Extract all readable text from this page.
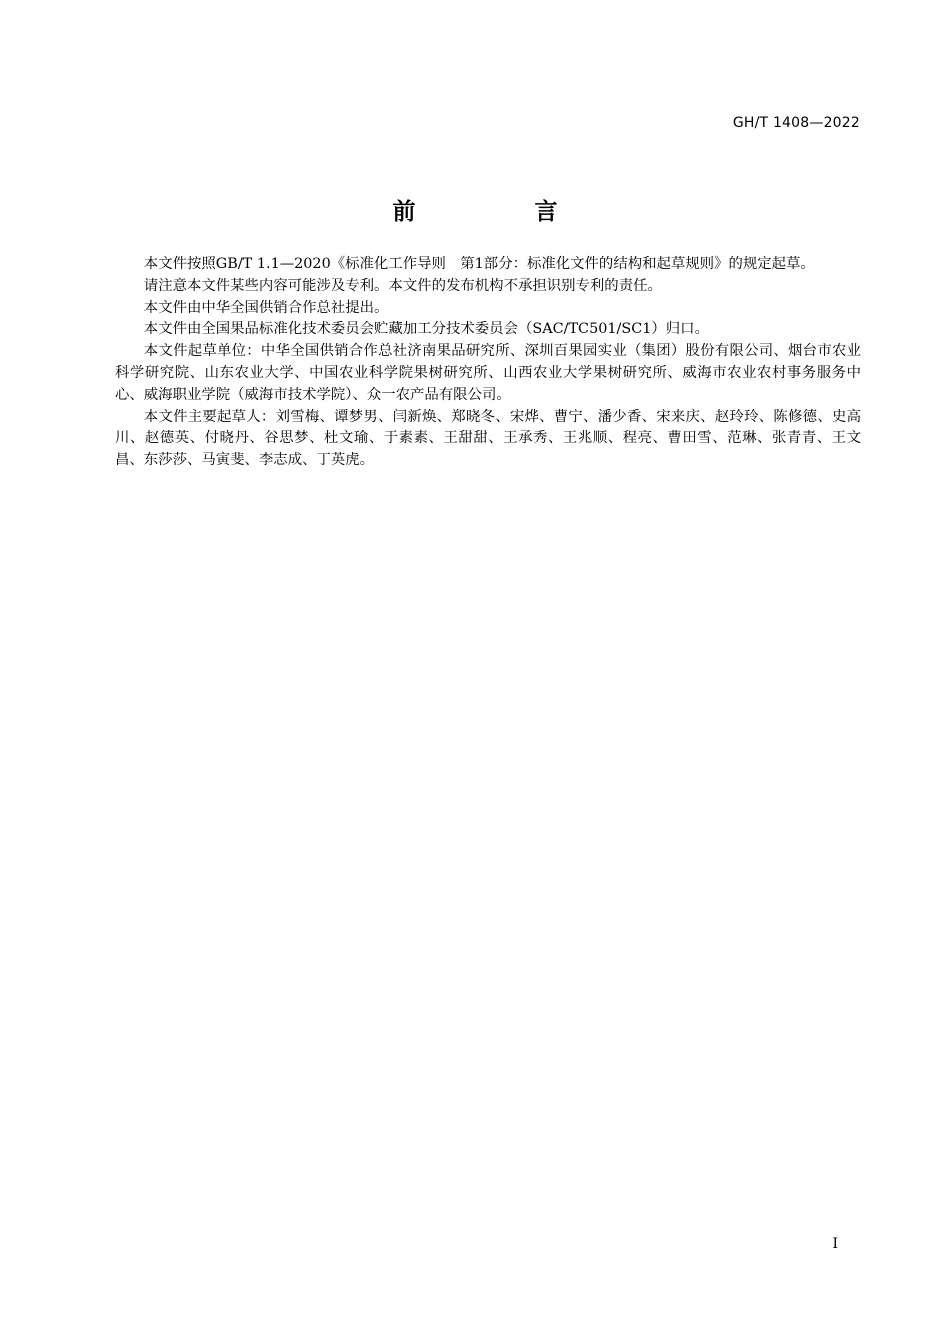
GH/T 1408—2022
前　言

本文件按照GB/T 1.1—2020《标准化工作导则　第1部分：标准化文件的结构和起草规则》的规定起草。

请注意本文件某些内容可能涉及专利。本文件的发布机构不承担识别专利的责任。

本文件由中华全国供销合作总社提出。

本文件由全国果品标准化技术委员会贮藏加工分技术委员会（SAC/TC501/SC1）归口。

本文件起草单位：中华全国供销合作总社济南果品研究所、深圳百果园实业（集团）股份有限公司、烟台市农业科学研究院、山东农业大学、中国农业科学院果树研究所、山西农业大学果树研究所、威海市农业农村事务服务中心、威海职业学院（威海市技术学院）、众一农产品有限公司。

本文件主要起草人：刘雪梅、谭梦男、闫新焕、郑晓冬、宋烨、曹宁、潘少香、宋来庆、赵玲玲、陈修德、史高川、赵德英、付晓丹、谷思梦、杜文瑜、于素素、王甜甜、王承秀、王兆顺、程亮、曹田雪、范琳、张青青、王文昌、东莎莎、马寅斐、李志成、丁英虎。

I
